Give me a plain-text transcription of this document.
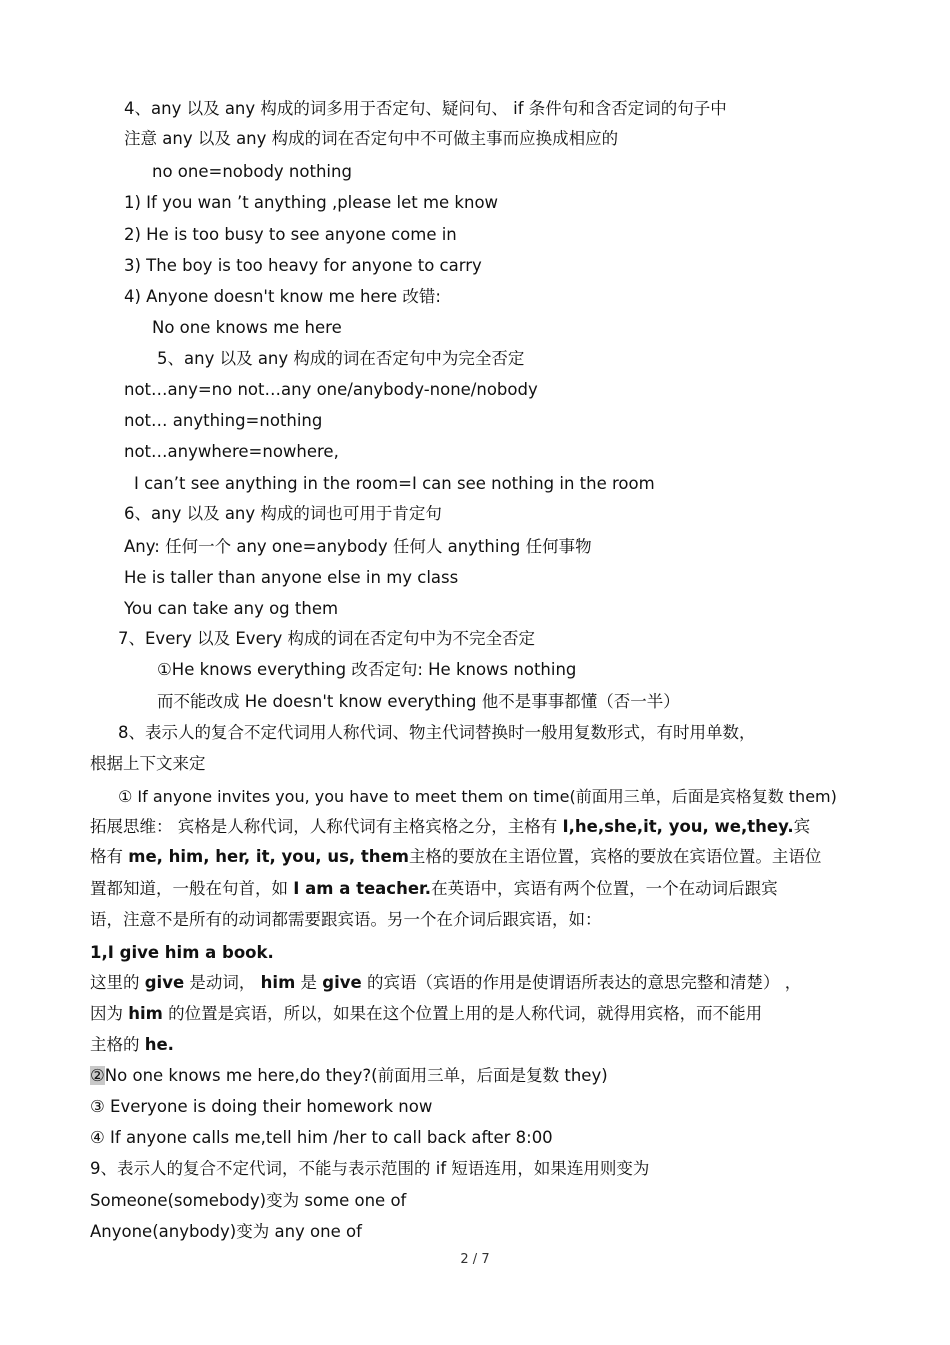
4、any 以及 any 构成的词多用于否定句、疑问句、 if 条件句和含否定词的句子中
注意 any 以及 any 构成的词在否定句中不可做主事而应换成相应的
no one=nobody nothing
1) If you wan ’t anything ,please let me know
2) He is too busy to see anyone come in
3) The boy is too heavy for anyone to carry
4) Anyone doesn't know me here 改错:
No one knows me here
5、any 以及 any 构成的词在否定句中为完全否定
not…any=no not…any one/anybody-none/nobody
not… anything=nothing
not…anywhere=nowhere,
I can’t see anything in the room=I can see nothing in the room
6、any 以及 any 构成的词也可用于肯定句
Any: 任何一个 any one=anybody 任何人 anything 任何事物
He is taller than anyone else in my class
You can take any og them
7、Every 以及 Every 构成的词在否定句中为不完全否定
①He knows everything 改否定句: He knows nothing
而不能改成 He doesn't know everything 他不是事事都懂（否一半）
8、表示人的复合不定代词用人称代词、物主代词替换时一般用复数形式，有时用单数，
根据上下文来定
① If anyone invites you, you have to meet them on time(前面用三单，后面是宾格复数 them)
拓展思维： 宾格是人称代词，人称代词有主格宾格之分，主格有 I,he,she,it, you, we,they.宾
格有 me, him, her, it, you, us, them主格的要放在主语位置，宾格的要放在宾语位置。主语位
置都知道，一般在句首，如 I am a teacher.在英语中，宾语有两个位置，一个在动词后跟宾
语，注意不是所有的动词都需要跟宾语。另一个在介词后跟宾语，如：
1,I give him a book.
这里的 give 是动词， him 是 give 的宾语（宾语的作用是使谓语所表达的意思完整和清楚） ，
因为 him 的位置是宾语，所以，如果在这个位置上用的是人称代词，就得用宾格，而不能用
主格的 he.
②No one knows me here,do they?(前面用三单，后面是复数 they)
③ Everyone is doing their homework now
④ If anyone calls me,tell him /her to call back after 8:00
9、表示人的复合不定代词，不能与表示范围的 if 短语连用，如果连用则变为
Someone(somebody)变为 some one of
Anyone(anybody)变为 any one of
2 / 7
